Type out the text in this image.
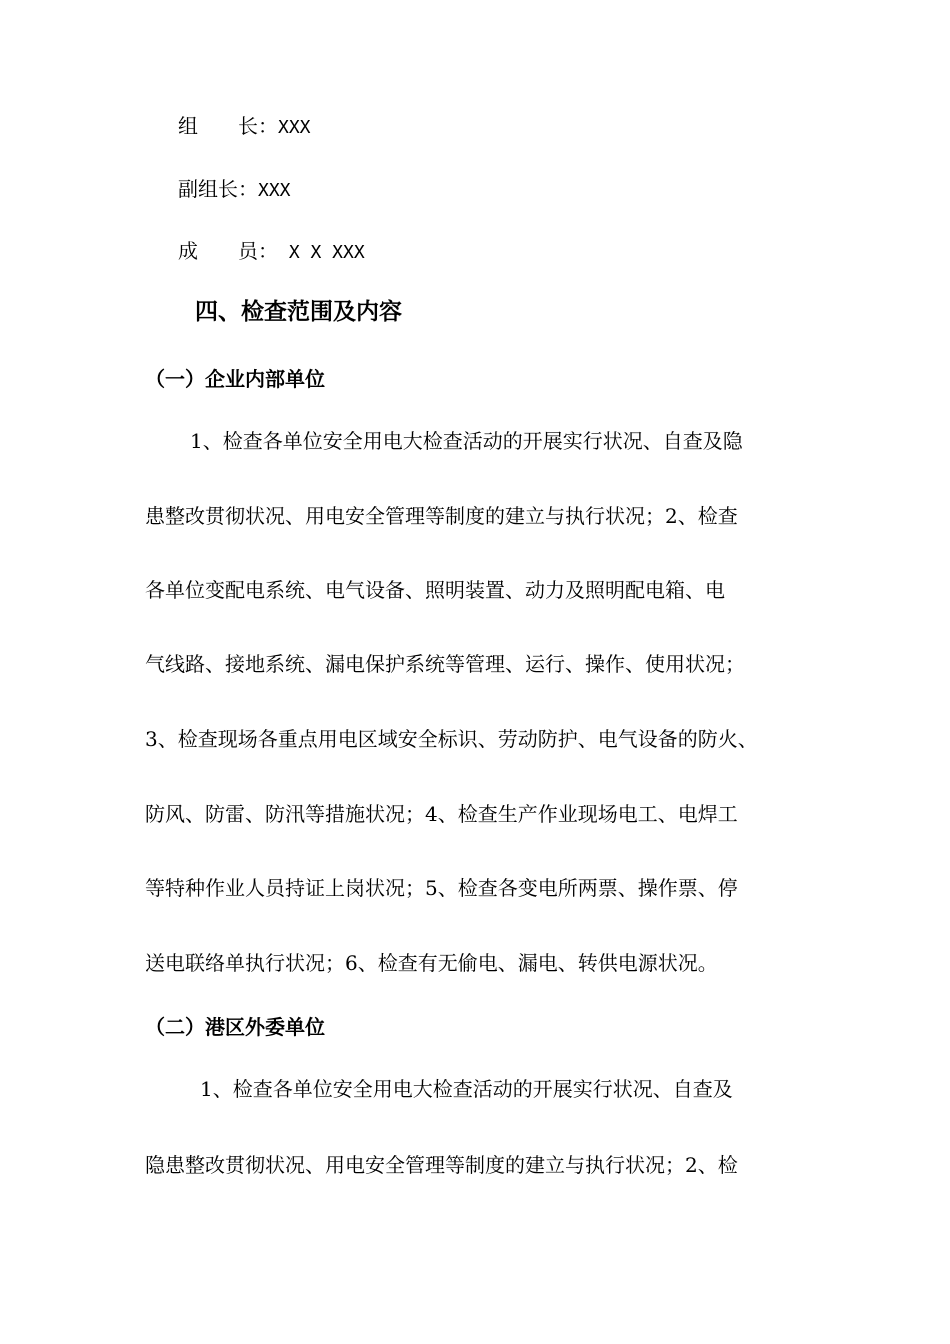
组　　长：XXX
副组长：XXX
成　　员： X X XXX
四、检查范围及内容
（一）企业内部单位
1、检查各单位安全用电大检查活动的开展实行状况、自查及隐
患整改贯彻状况、用电安全管理等制度的建立与执行状况；2、检查
各单位变配电系统、电气设备、照明装置、动力及照明配电箱、电
气线路、接地系统、漏电保护系统等管理、运行、操作、使用状况；
3、检查现场各重点用电区域安全标识、劳动防护、电气设备的防火、
防风、防雷、防汛等措施状况；4、检查生产作业现场电工、电焊工
等特种作业人员持证上岗状况；5、检查各变电所两票、操作票、停
送电联络单执行状况；6、检查有无偷电、漏电、转供电源状况。
（二）港区外委单位
1、检查各单位安全用电大检查活动的开展实行状况、自查及
隐患整改贯彻状况、用电安全管理等制度的建立与执行状况；2、检
